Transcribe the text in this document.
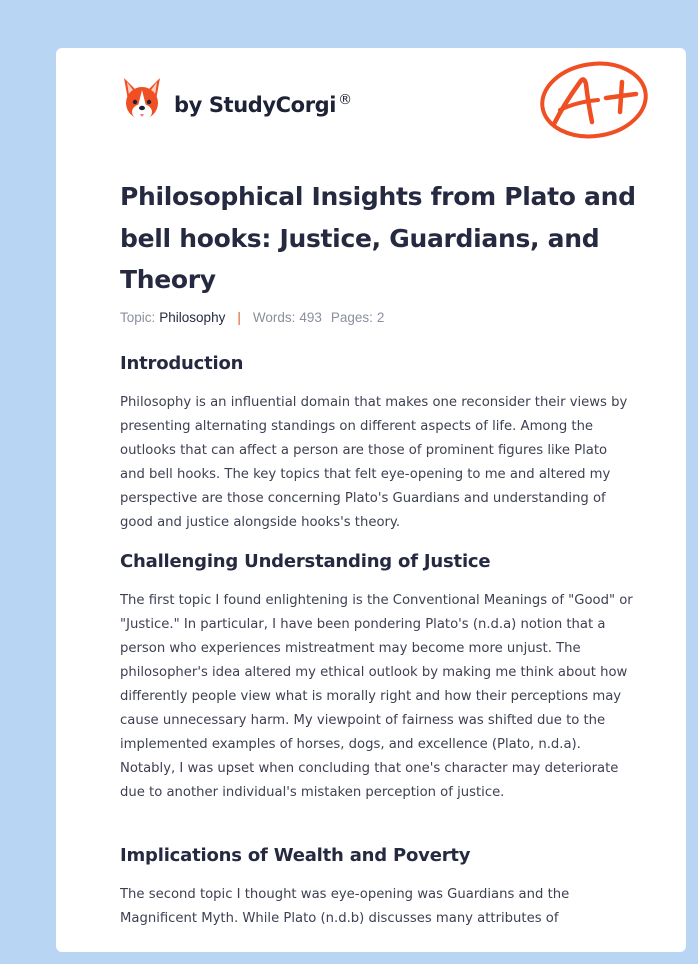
by StudyCorgi ®
Philosophical Insights from Plato and bell hooks: Justice, Guardians, and Theory
Topic: Philosophy | Words: 493 Pages: 2
Introduction

Philosophy is an influential domain that makes one reconsider their views by presenting alternating standings on different aspects of life. Among the outlooks that can affect a person are those of prominent figures like Plato and bell hooks. The key topics that felt eye-opening to me and altered my perspective are those concerning Plato's Guardians and understanding of good and justice alongside hooks's theory.

Challenging Understanding of Justice

The first topic I found enlightening is the Conventional Meanings of "Good" or "Justice." In particular, I have been pondering Plato's (n.d.a) notion that a person who experiences mistreatment may become more unjust. The philosopher's idea altered my ethical outlook by making me think about how differently people view what is morally right and how their perceptions may cause unnecessary harm. My viewpoint of fairness was shifted due to the implemented examples of horses, dogs, and excellence (Plato, n.d.a). Notably, I was upset when concluding that one's character may deteriorate due to another individual's mistaken perception of justice.

Implications of Wealth and Poverty

The second topic I thought was eye-opening was Guardians and the Magnificent Myth. While Plato (n.d.b) discusses many attributes of
